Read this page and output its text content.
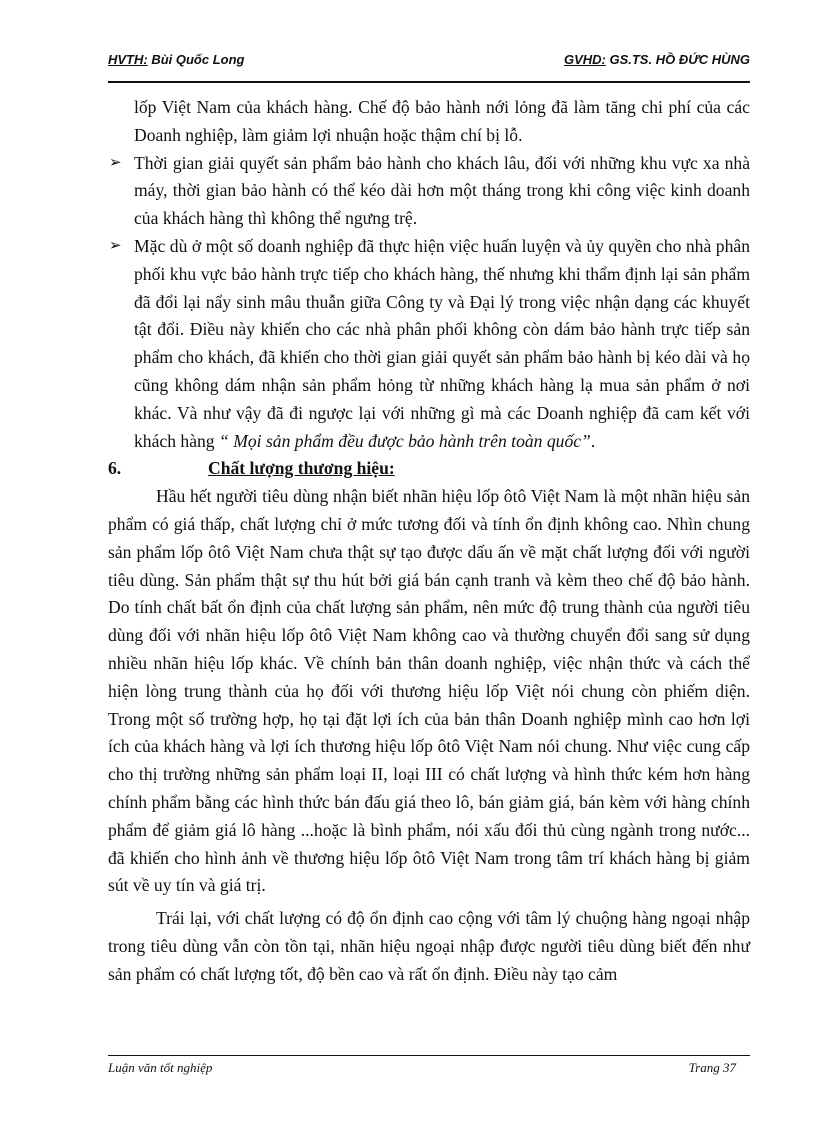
HVTH: Bùi Quốc Long	GVHD: GS.TS. HỒ ĐỨC HÙNG

lốp Việt Nam của khách hàng. Chế độ bảo hành nới lỏng đã làm tăng chi phí của các Doanh nghiệp, làm giảm lợi nhuận hoặc thậm chí bị lỗ.

➢ Thời gian giải quyết sản phẩm bảo hành cho khách lâu, đối với những khu vực xa nhà máy, thời gian bảo hành có thể kéo dài hơn một tháng trong khi công việc kinh doanh của khách hàng thì không thể ngưng trệ.

➢ Mặc dù ở một số doanh nghiệp đã thực hiện việc huấn luyện và ủy quyền cho nhà phân phối khu vực bảo hành trực tiếp cho khách hàng, thế nhưng khi thẩm định lại sản phẩm đã đổi lại nẩy sinh mâu thuẫn giữa Công ty và Đại lý trong việc nhận dạng các khuyết tật đổi. Điều này khiến cho các nhà phân phối không còn dám bảo hành trực tiếp sản phẩm cho khách, đã khiến cho thời gian giải quyết sản phẩm bảo hành bị kéo dài và họ cũng không dám nhận sản phẩm hỏng từ những khách hàng lạ mua sản phẩm ở nơi khác. Và như vậy đã đi ngược lại với những gì mà các Doanh nghiệp đã cam kết với khách hàng “ Mọi sản phẩm đều được bảo hành trên toàn quốc”.

6.	Chất lượng thương hiệu:

Hầu hết người tiêu dùng nhận biết nhãn hiệu lốp ôtô Việt Nam là một nhãn hiệu sản phẩm có giá thấp, chất lượng chỉ ở mức tương đối và tính ổn định không cao. Nhìn chung sản phẩm lốp ôtô Việt Nam chưa thật sự tạo được dấu ấn về mặt chất lượng đối với người tiêu dùng. Sản phẩm thật sự thu hút bởi giá bán cạnh tranh và kèm theo chế độ bảo hành. Do tính chất bất ổn định của chất lượng sản phẩm, nên mức độ trung thành của người tiêu dùng đối với nhãn hiệu lốp ôtô Việt Nam không cao và thường chuyển đổi sang sử dụng nhiều nhãn hiệu lốp khác. Về chính bản thân doanh nghiệp, việc nhận thức và cách thể hiện lòng trung thành của họ đối với thương hiệu lốp Việt nói chung còn phiếm diện. Trong một số trường hợp, họ tại đặt lợi ích của bản thân Doanh nghiệp mình cao hơn lợi ích của khách hàng và lợi ích thương hiệu lốp ôtô Việt Nam nói chung. Như việc cung cấp cho thị trường những sản phẩm loại II, loại III có chất lượng và hình thức kém hơn hàng chính phẩm bằng các hình thức bán đấu giá theo lô, bán giảm giá, bán kèm với hàng chính phẩm để giảm giá lô hàng ...hoặc là bình phẩm, nói xấu đối thủ cùng ngành trong nước... đã khiến cho hình ảnh về thương hiệu lốp ôtô Việt Nam trong tâm trí khách hàng bị giảm sút về uy tín và giá trị.

Trái lại, với chất lượng có độ ổn định cao cộng với tâm lý chuộng hàng ngoại nhập trong tiêu dùng vẫn còn tồn tại, nhãn hiệu ngoại nhập được người tiêu dùng biết đến như sản phẩm có chất lượng tốt, độ bền cao và rất ổn định. Điều này tạo cảm

Luận văn tốt nghiệp	Trang 37
